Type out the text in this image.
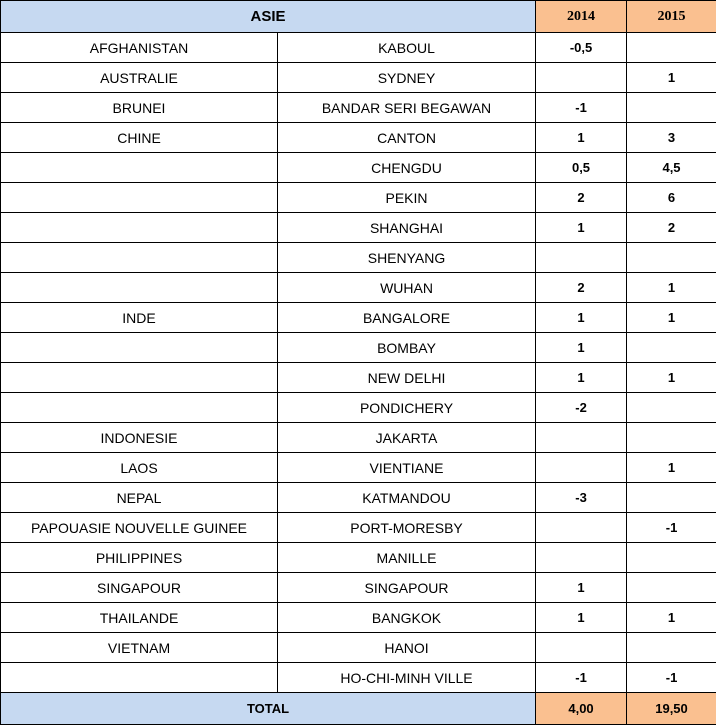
ASIE		2014	2015
AFGHANISTAN	KABOUL	-0,5	
AUSTRALIE	SYDNEY		1
BRUNEI	BANDAR SERI BEGAWAN	-1	
CHINE	CANTON	1	3
	CHENGDU	0,5	4,5
	PEKIN	2	6
	SHANGHAI	1	2
	SHENYANG		
	WUHAN	2	1
INDE	BANGALORE	1	1
	BOMBAY	1	
	NEW DELHI	1	1
	PONDICHERY	-2	
INDONESIE	JAKARTA		
LAOS	VIENTIANE		1
NEPAL	KATMANDOU	-3	
PAPOUASIE NOUVELLE GUINEE	PORT-MORESBY		-1
PHILIPPINES	MANILLE		
SINGAPOUR	SINGAPOUR	1	
THAILANDE	BANGKOK	1	1
VIETNAM	HANOI		
	HO-CHI-MINH VILLE	-1	-1
TOTAL		4,00	19,50
